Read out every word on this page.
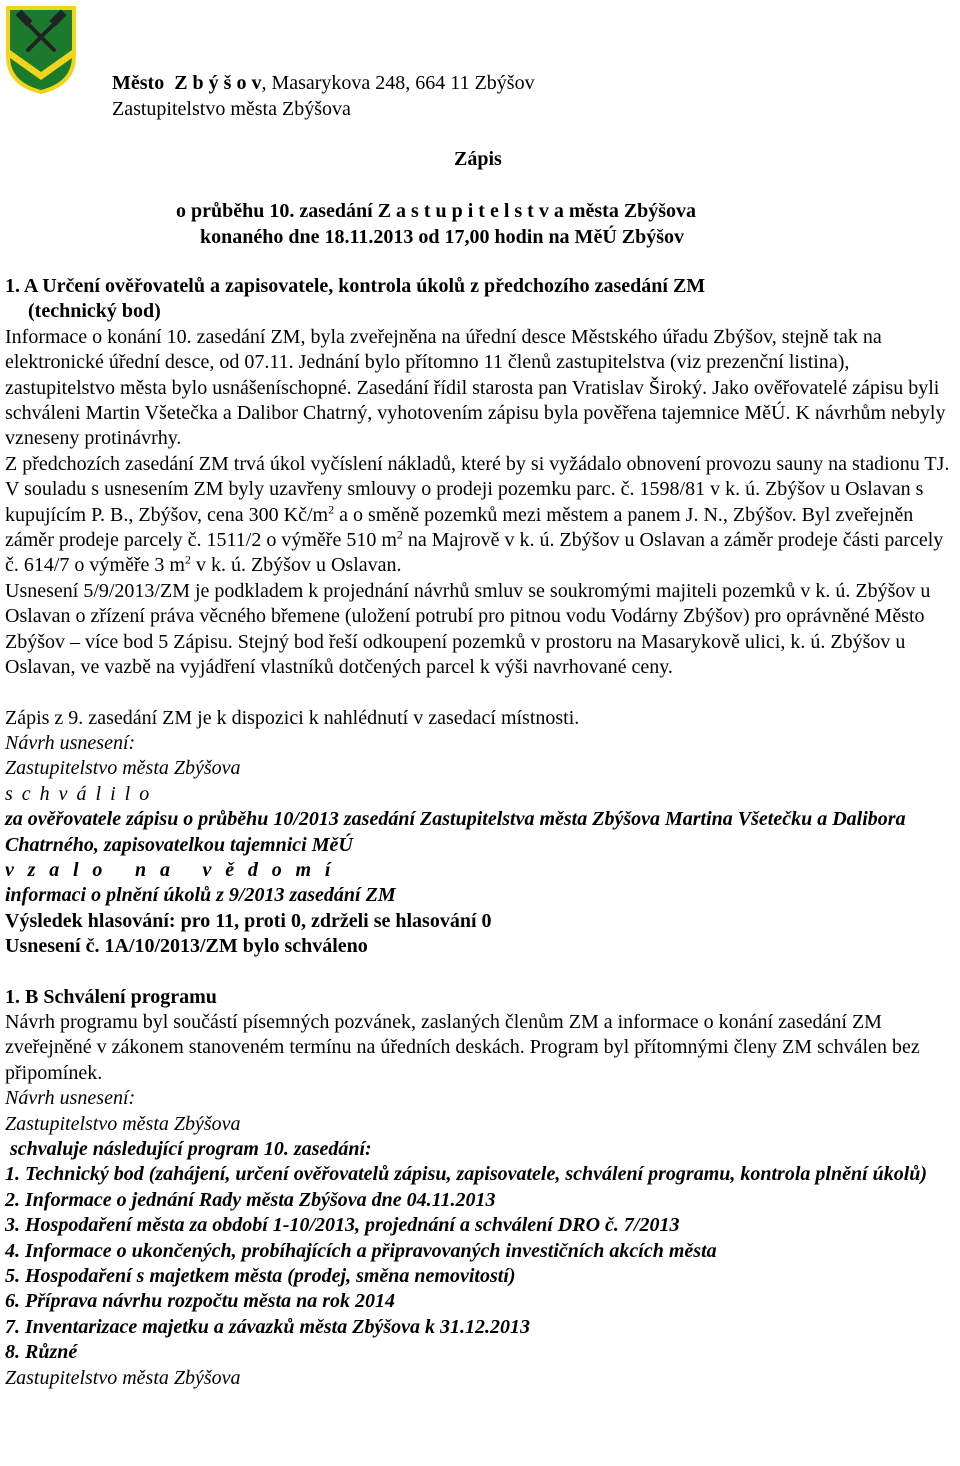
Město Z b ý š o v, Masarykova 248, 664 11 Zbýšov
Zastupitelstvo města Zbýšova
Zápis
o průběhu 10. zasedání Z a s t u p i t e l s t v a města Zbýšova
konaného dne 18.11.2013 od 17,00 hodin na MěÚ Zbýšov

1. A Určení ověřovatelů a zapisovatele, kontrola úkolů z předchozího zasedání ZM

(technický bod)

Informace o konání 10. zasedání ZM, byla zveřejněna na úřední desce Městského úřadu Zbýšov, stejně tak na elektronické úřední desce, od 07.11. Jednání bylo přítomno 11 členů zastupitelstva (viz prezenční listina), zastupitelstvo města bylo usnášeníschopné. Zasedání řídil starosta pan Vratislav Široký. Jako ověřovatelé zápisu byli schváleni Martin Všetečka a Dalibor Chatrný, vyhotovením zápisu byla pověřena tajemnice MěÚ. K návrhům nebyly vzneseny protinávrhy.

Z předchozích zasedání ZM trvá úkol vyčíslení nákladů, které by si vyžádalo obnovení provozu sauny na stadionu TJ.

V souladu s usnesením ZM byly uzavřeny smlouvy o prodeji pozemku parc. č. 1598/81 v k. ú. Zbýšov u Oslavan s kupujícím P. B., Zbýšov, cena 300 $Kč/m^2$ a o směně pozemků mezi městem a panem J. N., Zbýšov. Byl zveřejněn záměr prodeje parcely č. 1511/2 o výměře 510 $m^2$ na Majrově v k. ú. Zbýšov u Oslavan a záměr prodeje části parcely č. 614/7 o výměře 3 $m^2$ v k. ú. Zbýšov u Oslavan.

Usnesení 5/9/2013/ZM je podkladem k projednání návrhů smluv se soukromými majiteli pozemků v k. ú. Zbýšov u Oslavan o zřízení práva věcného břemene (uložení potrubí pro pitnou vodu Vodárny Zbýšov) pro oprávněné Město Zbýšov – více bod 5 Zápisu. Stejný bod řeší odkoupení pozemků v prostoru na Masarykově ulici, k. ú. Zbýšov u Oslavan, ve vazbě na vyjádření vlastníků dotčených parcel k výši navrhované ceny.

Zápis z 9. zasedání ZM je k dispozici k nahlédnutí v zasedací místnosti.

Návrh usnesení:

Zastupitelstvo města Zbýšova

s c h v á l i l o

za ověřovatele zápisu o průběhu 10/2013 zasedání Zastupitelstva města Zbýšova Martina Všetečku a Dalibora Chatrného, zapisovatelkou tajemnici MěÚ

v z a l o   n a   v ě d o m í

informaci o plnění úkolů z 9/2013 zasedání ZM

Výsledek hlasování: pro 11, proti 0, zdrželi se hlasování 0

Usnesení č. 1A/10/2013/ZM bylo schváleno

1. B Schválení programu

Návrh programu byl součástí písemných pozvánek, zaslaných členům ZM a informace o konání zasedání ZM zveřejněné v zákonem stanoveném termínu na úředních deskách. Program byl přítomnými členy ZM schválen bez připomínek.

Návrh usnesení:

Zastupitelstvo města Zbýšova

schvaluje následující program 10. zasedání:

1. Technický bod (zahájení, určení ověřovatelů zápisu, zapisovatele, schválení programu, kontrola plnění úkolů)

2. Informace o jednání Rady města Zbýšova dne 04.11.2013

3. Hospodaření města za období 1-10/2013, projednání a schválení DRO č. 7/2013

4. Informace o ukončených, probíhajících a připravovaných investičních akcích města

5. Hospodaření s majetkem města (prodej, směna nemovitostí)

6. Příprava návrhu rozpočtu města na rok 2014

7. Inventarizace majetku a závazků města Zbýšova k 31.12.2013

8. Různé

Zastupitelstvo města Zbýšova
